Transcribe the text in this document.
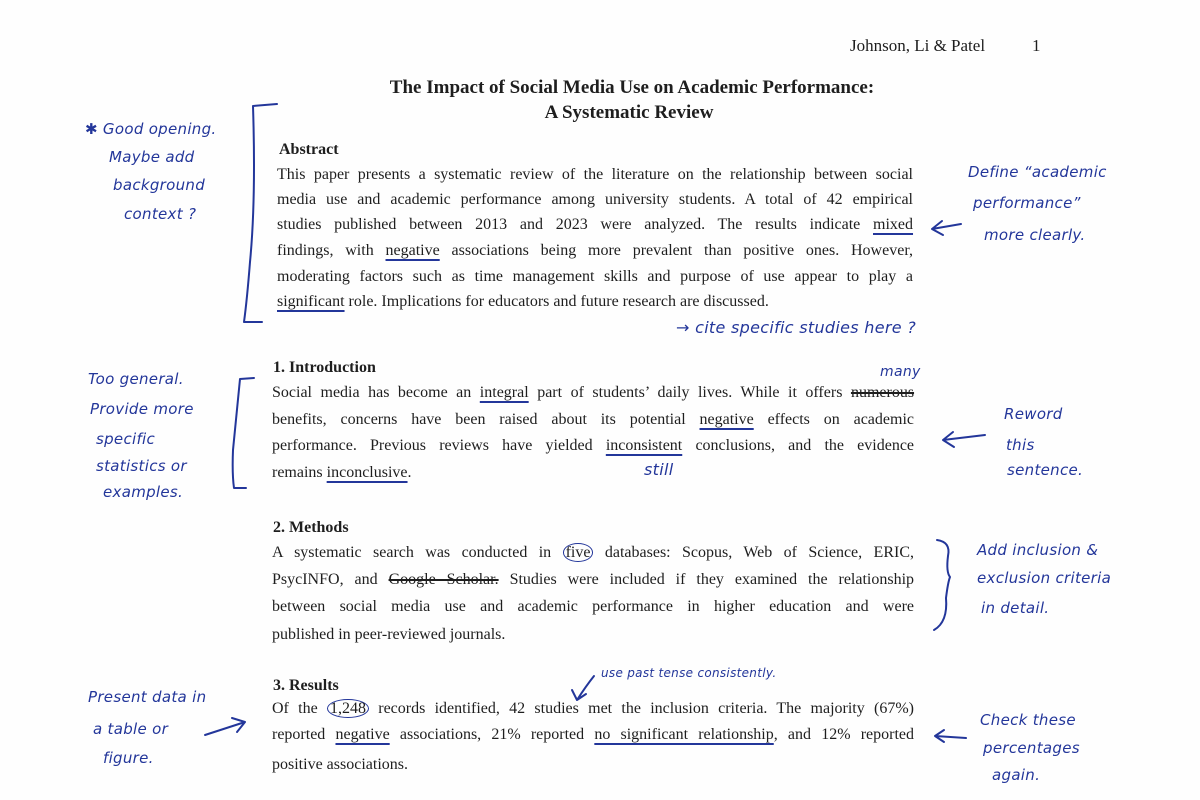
Johnson, Li & Patel	1
The Impact of Social Media Use on Academic Performance:
A Systematic Review
Abstract
This paper presents a systematic review of the literature on the relationship between social
media use and academic performance among university students. A total of 42 empirical
studies published between 2013 and 2023 were analyzed. The results indicate mixed
findings, with negative associations being more prevalent than positive ones. However,
moderating factors such as time management skills and purpose of use appear to play a
significant role. Implications for educators and future research are discussed.
1. Introduction
Social media has become an integral part of students’ daily lives. While it offers numerous
benefits, concerns have been raised about its potential negative effects on academic
performance. Previous reviews have yielded inconsistent conclusions, and the evidence
remains inconclusive.
2. Methods
A systematic search was conducted in five databases: Scopus, Web of Science, ERIC,
PsycINFO, and Google Scholar. Studies were included if they examined the relationship
between social media use and academic performance in higher education and were
published in peer-reviewed journals.
3. Results
Of the 1,248 records identified, 42 studies met the inclusion criteria. The majority (67%)
reported negative associations, 21% reported no significant relationship, and 12% reported
positive associations.
✱ Good opening.
Maybe add
background
context ?
Too general.
Provide more
specific
statistics or
examples.
Present data in
a table or
figure.
Define “academic
performance”
more clearly.
Reword
this
sentence.
Add inclusion &
exclusion criteria
in detail.
Check these
percentages
again.
→ cite specific studies here ?
many
still
use past tense consistently.
